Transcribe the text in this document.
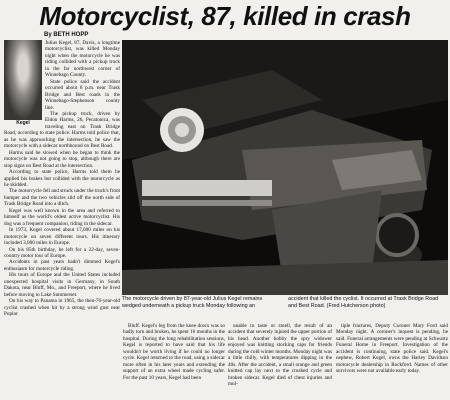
Motorcyclist, 87, killed in crash
By BETH HOPP
Kegel

Julius Kegel, 87, Davis, a longtime motorcyclist, was killed Monday night when the motorcycle he was riding collided with a pickup truck in the far northwest corner of Winnebago County.

State police said the accident occurred about 8 p.m. near Trask Bridge and Best roads in the Winnebago-Stephenson county line.

The pickup truck, driven by Eldon Harms, 26, Pecatonica, was traveling east on Trask Bridge Road, according to state police. Harms told police that, as he was approaching the intersection, he saw the motorcycle with a sidecar northbound on Best Road.

Harms said he slowed when he began to think the motorcycle was not going to stop, although there are stop signs on Best Road at the intersection.

According to state police, Harms told them he applied his brakes but collided with the motorcycle as he skidded.

The motorcycle fell and struck under the truck's front bumper and the two vehicles slid off the north side of Trask Bridge Road into a ditch.

Kegel was well known in the area and referred to himself as the world's oldest active motorcyclist. His dog was a frequent companion, riding in the sidecar.

In 1973, Kegel covered about 17,000 miles on his motorcycle on seven different tours. His itinerary included 3,000 miles in Europe.

On his 85th birthday, he left for a 22-day, seven-country motor tour of Europe.

Accidents in past years hadn't dimmed Kegel's enthusiasm for motorcycle riding.

His tours of Europe and the United States included unexpected hospital visits in Germany, in South Dakota, near Bluff, Mo., and Freeport, where he lived before moving to Lake Summerset.

On his way to Panama in 1965, the then-76-year-old cyclist crashed when hit by a strong wind gust near Poplar

The motorcycle driven by 87-year-old Julius Kegel remains wedged underneath a pickup truck Monday following an
accident that killed the cyclist. It occurred at Trask Bridge Road and Best Road. (Fred Hutcherson photo)

Bluff. Kegel's leg from the knee down was so badly torn and broken, he spent 16 months in the hospital. During the long rehabilitation sessions, Kegel is reported to have said that his life wouldn't be worth living if he could no longer cycle. Kegel returned to the road, using a sidecar more often in his later years and extending the support of an extra wheel made cycling safer. For the past 10 years, Kegel had been

unable to taste or smell, the result of an accident that severely injured the upper portion of his head. Another hobby the spry widower enjoyed was knitting stocking caps for friends during the cold winter months. Monday night was a little chilly, with temperatures dipping in the 40s. After the accident, a small orange and green knitted cap lay next to the crushed cycle and broken sidecar. Kegel died of chest injuries and mul-

tiple fractures, Deputy Coroner Mary Ford said Monday night. A coroner's inquest is pending, he said. Funeral arrangements were pending at Schwartz Funeral Home in Freeport. Investigation of the accident is continuing, state police said. Kegel's nephew, Robert Kegel, owns the Harley Davidson motorcycle dealership in Rockford. Names of other survivors were not available early today.
